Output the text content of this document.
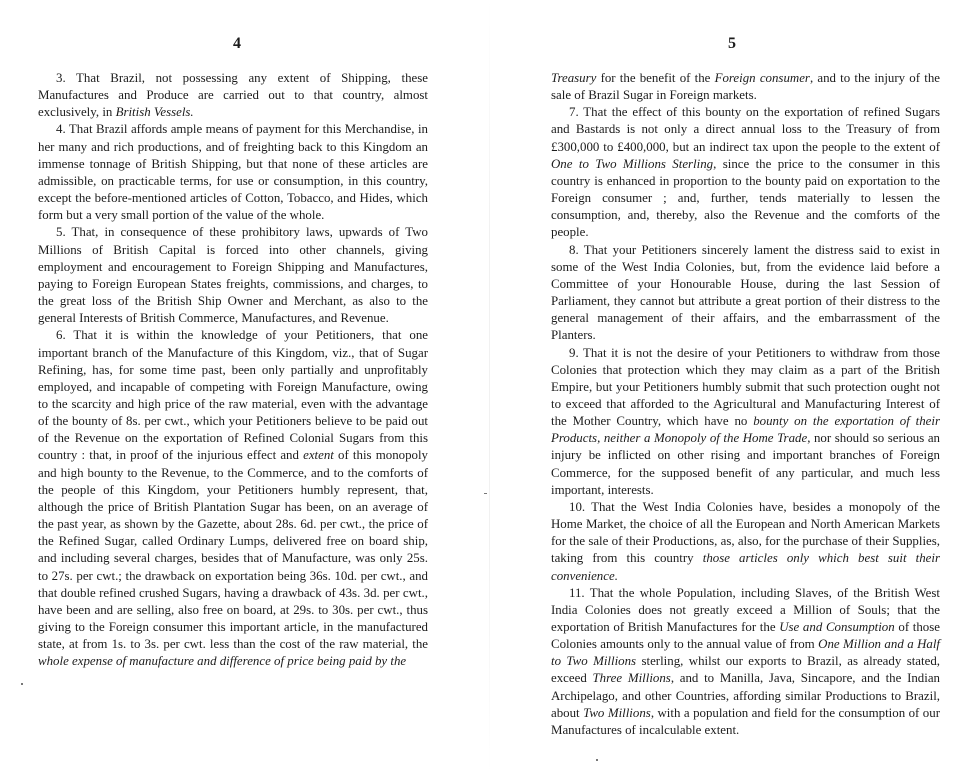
4

3. That Brazil, not possessing any extent of Shipping, these Manufactures and Produce are carried out to that country, almost exclusively, in British Vessels.

4. That Brazil affords ample means of payment for this Merchandise, in her many and rich productions, and of freighting back to this Kingdom an immense tonnage of British Shipping, but that none of these articles are admissible, on practicable terms, for use or consumption, in this country, except the before-mentioned articles of Cotton, Tobacco, and Hides, which form but a very small portion of the value of the whole.

5. That, in consequence of these prohibitory laws, upwards of Two Millions of British Capital is forced into other channels, giving employment and encouragement to Foreign Shipping and Manufactures, paying to Foreign European States freights, commissions, and charges, to the great loss of the British Ship Owner and Merchant, as also to the general Interests of British Commerce, Manufactures, and Revenue.

6. That it is within the knowledge of your Petitioners, that one important branch of the Manufacture of this Kingdom, viz., that of Sugar Refining, has, for some time past, been only partially and unprofitably employed, and incapable of competing with Foreign Manufacture, owing to the scarcity and high price of the raw material, even with the advantage of the bounty of 8s. per cwt., which your Petitioners believe to be paid out of the Revenue on the exportation of Refined Colonial Sugars from this country : that, in proof of the injurious effect and extent of this monopoly and high bounty to the Revenue, to the Commerce, and to the comforts of the people of this Kingdom, your Petitioners humbly represent, that, although the price of British Plantation Sugar has been, on an average of the past year, as shown by the Gazette, about 28s. 6d. per cwt., the price of the Refined Sugar, called Ordinary Lumps, delivered free on board ship, and including several charges, besides that of Manufacture, was only 25s. to 27s. per cwt.; the drawback on exportation being 36s. 10d. per cwt., and that double refined crushed Sugars, having a drawback of 43s. 3d. per cwt., have been and are selling, also free on board, at 29s. to 30s. per cwt., thus giving to the Foreign consumer this important article, in the manufactured state, at from 1s. to 3s. per cwt. less than the cost of the raw material, the whole expense of manufacture and difference of price being paid by the

5

Treasury for the benefit of the Foreign consumer, and to the injury of the sale of Brazil Sugar in Foreign markets.

7. That the effect of this bounty on the exportation of refined Sugars and Bastards is not only a direct annual loss to the Treasury of from £300,000 to £400,000, but an indirect tax upon the people to the extent of One to Two Millions Sterling, since the price to the consumer in this country is enhanced in proportion to the bounty paid on exportation to the Foreign consumer ; and, further, tends materially to lessen the consumption, and, thereby, also the Revenue and the comforts of the people.

8. That your Petitioners sincerely lament the distress said to exist in some of the West India Colonies, but, from the evidence laid before a Committee of your Honourable House, during the last Session of Parliament, they cannot but attribute a great portion of their distress to the general management of their affairs, and the embarrassment of the Planters.

9. That it is not the desire of your Petitioners to withdraw from those Colonies that protection which they may claim as a part of the British Empire, but your Petitioners humbly submit that such protection ought not to exceed that afforded to the Agricultural and Manufacturing Interest of the Mother Country, which have no bounty on the exportation of their Products, neither a Monopoly of the Home Trade, nor should so serious an injury be inflicted on other rising and important branches of Foreign Commerce, for the supposed benefit of any particular, and much less important, interests.

10. That the West India Colonies have, besides a monopoly of the Home Market, the choice of all the European and North American Markets for the sale of their Productions, as, also, for the purchase of their Supplies, taking from this country those articles only which best suit their convenience.

11. That the whole Population, including Slaves, of the British West India Colonies does not greatly exceed a Million of Souls; that the exportation of British Manufactures for the Use and Consumption of those Colonies amounts only to the annual value of from One Million and a Half to Two Millions sterling, whilst our exports to Brazil, as already stated, exceed Three Millions, and to Manilla, Java, Sincapore, and the Indian Archipelago, and other Countries, affording similar Productions to Brazil, about Two Millions, with a population and field for the consumption of our Manufactures of incalculable extent.
